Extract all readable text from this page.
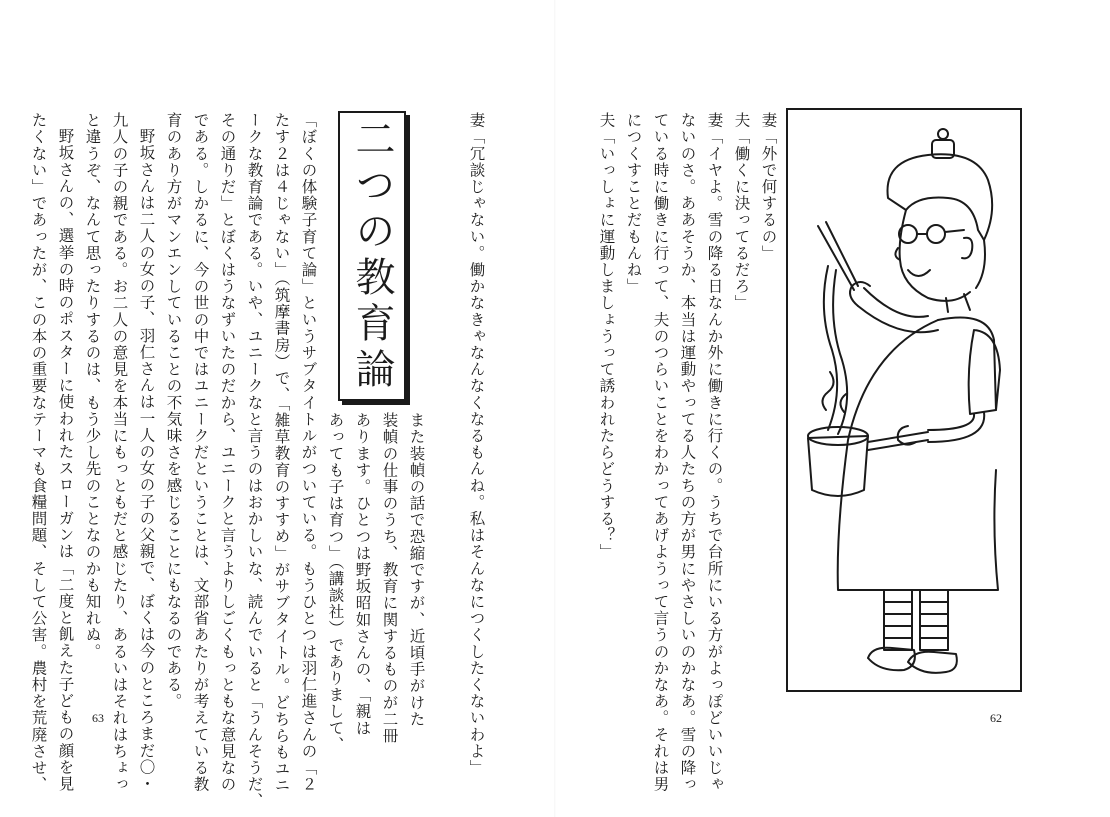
妻「外で何するの」
夫「働くに決ってるだろ」
妻「イヤよ。雪の降る日なんか外に働きに行くの。うちで台所にいる方がよっぽどいいじゃ
ないのさ。ああそうか、本当は運動やってる人たちの方が男にやさしいのかなあ。雪の降っ
ている時に働きに行って、夫のつらいことをわかってあげようって言うのかなあ。それは男
につくすことだもんね」
夫「いっしょに運動しましょうって誘われたらどうする？」
妻「冗談じゃない。働かなきゃなんなくなるもんね。私はそんなにつくしたくないわよ」	62
二つの教育論
また装幀の話で恐縮ですが、近頃手がけた
装幀の仕事のうち、教育に関するものが二冊
あります。ひとつは野坂昭如さんの、「親は
あっても子は育つ」（講談社）でありまして、
「ぼくの体験子育て論」というサブタイトルがついている。もうひとつは羽仁進さんの「２
たす２は４じゃない」（筑摩書房）で、「雑草教育のすすめ」がサブタイトル。どちらもユニ
ークな教育論である。いや、ユニークなと言うのはおかしいな、読んでいると「うんそうだ、
その通りだ」とぼくはうなずいたのだから、ユニークと言うよりしごくもっともな意見なの
である。しかるに、今の世の中ではユニークだということは、文部省あたりが考えている教
育のあり方がマンエンしていることの不気味さを感じることにもなるのである。
野坂さんは二人の女の子、羽仁さんは一人の女の子の父親で、ぼくは今のところまだ〇・
九人の子の親である。お二人の意見を本当にもっともだと感じたり、あるいはそれはちょっ
と違うぞ、なんて思ったりするのは、もう少し先のことなのかも知れぬ。
野坂さんの、選挙の時のポスターに使われたスローガンは「二度と飢えた子どもの顔を見
たくない」であったが、この本の重要なテーマも食糧問題、そして公害。農村を荒廃させ、	63
